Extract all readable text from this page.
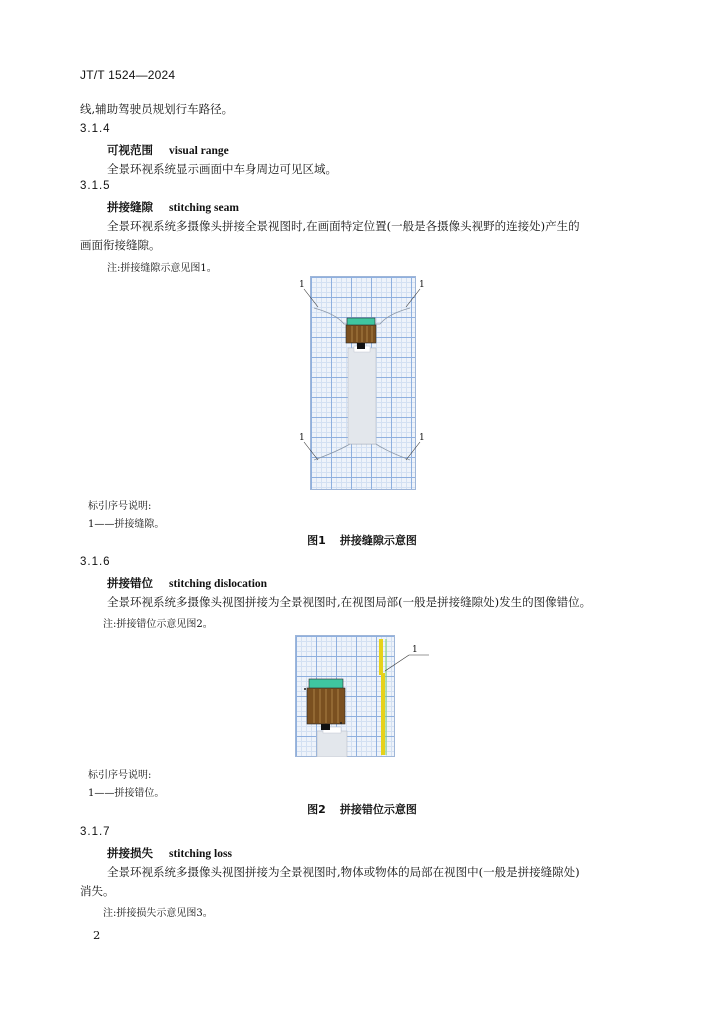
JT/T 1524—2024
线,辅助驾驶员规划行车路径。
3.1.4
可视范围 visual range
全景环视系统显示画面中车身周边可见区域。
3.1.5
拼接缝隙 stitching seam
全景环视系统多摄像头拼接全景视图时,在画面特定位置(一般是各摄像头视野的连接处)产生的
画面衔接缝隙。
注:拼接缝隙示意见图1。
1	1
1	1
标引序号说明:
1——拼接缝隙。
图1 拼接缝隙示意图
3.1.6
拼接错位 stitching dislocation
全景环视系统多摄像头视图拼接为全景视图时,在视图局部(一般是拼接缝隙处)发生的图像错位。
注:拼接错位示意见图2。
1
标引序号说明:
1——拼接错位。
图2 拼接错位示意图
3.1.7
拼接损失 stitching loss
全景环视系统多摄像头视图拼接为全景视图时,物体或物体的局部在视图中(一般是拼接缝隙处)
消失。
注:拼接损失示意见图3。
2
